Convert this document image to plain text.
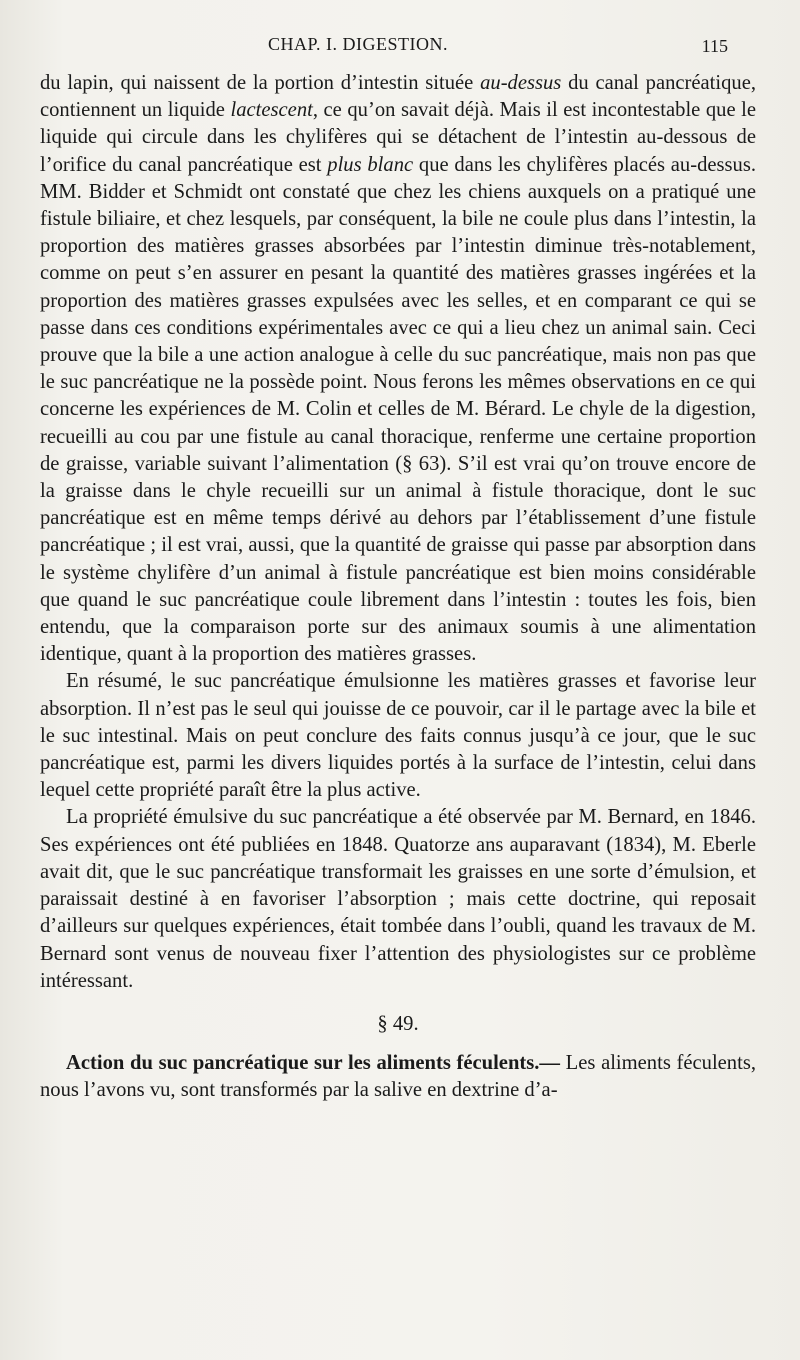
CHAP. I. DIGESTION.	115

du lapin, qui naissent de la portion d’intestin située au-dessus du canal pancréatique, contiennent un liquide lactescent, ce qu’on savait déjà. Mais il est incontestable que le liquide qui circule dans les chylifères qui se détachent de l’intestin au-dessous de l’orifice du canal pancréatique est plus blanc que dans les chylifères placés au-dessus. MM. Bidder et Schmidt ont constaté que chez les chiens auxquels on a pratiqué une fistule biliaire, et chez lesquels, par conséquent, la bile ne coule plus dans l’intestin, la proportion des matières grasses absorbées par l’intestin diminue très-notablement, comme on peut s’en assurer en pesant la quantité des matières grasses ingérées et la proportion des matières grasses expulsées avec les selles, et en comparant ce qui se passe dans ces conditions expérimentales avec ce qui a lieu chez un animal sain. Ceci prouve que la bile a une action analogue à celle du suc pancréatique, mais non pas que le suc pancréatique ne la possède point. Nous ferons les mêmes observations en ce qui concerne les expériences de M. Colin et celles de M. Bérard. Le chyle de la digestion, recueilli au cou par une fistule au canal thoracique, renferme une certaine proportion de graisse, variable suivant l’alimentation (§ 63). S’il est vrai qu’on trouve encore de la graisse dans le chyle recueilli sur un animal à fistule thoracique, dont le suc pancréatique est en même temps dérivé au dehors par l’établissement d’une fistule pancréatique ; il est vrai, aussi, que la quantité de graisse qui passe par absorption dans le système chylifère d’un animal à fistule pancréatique est bien moins considérable que quand le suc pancréatique coule librement dans l’intestin : toutes les fois, bien entendu, que la comparaison porte sur des animaux soumis à une alimentation identique, quant à la proportion des matières grasses.

En résumé, le suc pancréatique émulsionne les matières grasses et favorise leur absorption. Il n’est pas le seul qui jouisse de ce pouvoir, car il le partage avec la bile et le suc intestinal. Mais on peut conclure des faits connus jusqu’à ce jour, que le suc pancréatique est, parmi les divers liquides portés à la surface de l’intestin, celui dans lequel cette propriété paraît être la plus active.

La propriété émulsive du suc pancréatique a été observée par M. Bernard, en 1846. Ses expériences ont été publiées en 1848. Quatorze ans auparavant (1834), M. Eberle avait dit, que le suc pancréatique transformait les graisses en une sorte d’émulsion, et paraissait destiné à en favoriser l’absorption ; mais cette doctrine, qui reposait d’ailleurs sur quelques expériences, était tombée dans l’oubli, quand les travaux de M. Bernard sont venus de nouveau fixer l’attention des physiologistes sur ce problème intéressant.

§ 49.

Action du suc pancréatique sur les aliments féculents.— Les aliments féculents, nous l’avons vu, sont transformés par la salive en dextrine d’a-
